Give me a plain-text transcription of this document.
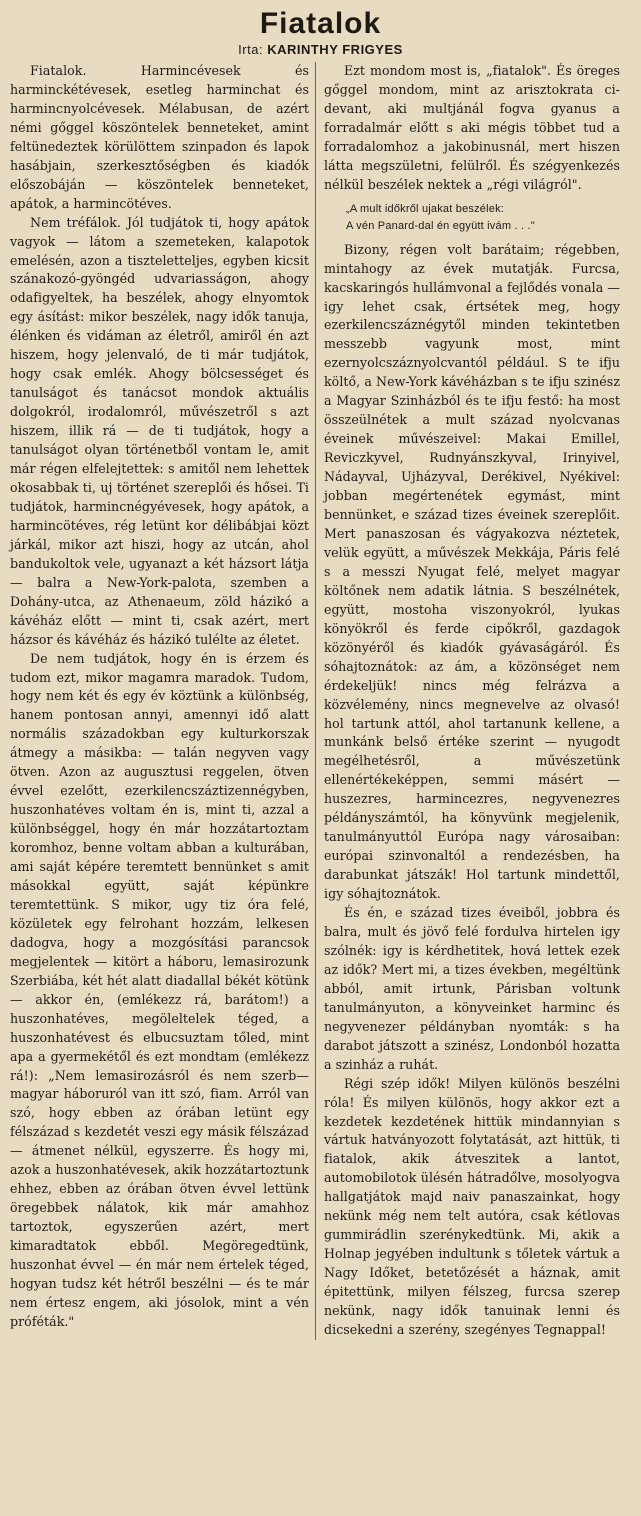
Fiatalok
Irta: KARINTHY FRIGYES

Fiatalok. Harmincévesek és harminckétévesek, esetleg harminchat és harmincnyolcévesek. Mélabusan, de azért némi gőggel köszöntelek benneteket, amint feltünedeztek körülöttem szinpadon és lapok hasábjain, szerkesztőségben és kiadók előszobáján — köszöntelek benneteket, apátok, a harmincötéves.

Nem tréfálok. Jól tudjátok ti, hogy apátok vagyok — látom a szemeteken, kalapotok emelésén, azon a tiszteletteljes, egyben kicsit szánakozó-gyöngéd udvariasságon, ahogy odafigyeltek, ha beszélek, ahogy elnyomtok egy ásítást: mikor beszélek, nagy idők tanuja, élénken és vidáman az életről, amiről én azt hiszem, hogy jelenvaló, de ti már tudjátok, hogy csak emlék. Ahogy bölcsességet és tanulságot és tanácsot mondok aktuális dolgokról, irodalomról, művészetről s azt hiszem, illik rá — de ti tudjátok, hogy a tanulságot olyan történetből vontam le, amit már régen elfelejtettek: s amitől nem lehettek okosabbak ti, uj történet szereplői és hősei. Ti tudjátok, harmincnégyévesek, hogy apátok, a harmincötéves, rég letünt kor délibábjai közt járkál, mikor azt hiszi, hogy az utcán, ahol bandukoltok vele, ugyanazt a két házsort látja — balra a New-York-palota, szemben a Dohány-utca, az Athenaeum, zöld házikó a kávéház előtt — mint ti, csak azért, mert házsor és kávéház és házikó tulélte az életet.

De nem tudjátok, hogy én is érzem és tudom ezt, mikor magamra maradok. Tudom, hogy nem két és egy év köztünk a különbség, hanem pontosan annyi, amennyi idő alatt normális századokban egy kulturkorszak átmegy a másikba: — talán negyven vagy ötven. Azon az augusztusi reggelen, ötven évvel ezelőtt, ezerkilencszáztizennégyben, huszonhatéves voltam én is, mint ti, azzal a különbséggel, hogy én már hozzátartoztam koromhoz, benne voltam abban a kulturában, ami saját képére teremtett bennünket s amit másokkal együtt, saját képünkre teremtettünk. S mikor, ugy tiz óra felé, közületek egy felrohant hozzám, lelkesen dadogva, hogy a mozgósítási parancsok megjelentek — kitört a háboru, lemasirozunk Szerbiába, két hét alatt diadallal békét kötünk — akkor én, (emlékezz rá, barátom!) a huszonhatéves, megöleltelek téged, a huszonhatévest és elbucsuztam tőled, mint apa a gyermekétől és ezt mondtam (emlékezz rá!): „Nem lemasirozásról és nem szerb—magyar háboruról van itt szó, fiam. Arról van szó, hogy ebben az órában letünt egy félszázad s kezdetét veszi egy másik félszázad — átmenet nélkül, egyszerre. És hogy mi, azok a huszonhatévesek, akik hozzátartoztunk ehhez, ebben az órában ötven évvel lettünk öregebbek nálatok, kik már amahhoz tartoztok, egyszerűen azért, mert kimaradtatok ebből. Megöregedtünk, huszonhat évvel — én már nem értelek téged, hogyan tudsz két hétről beszélni — és te már nem értesz engem, aki jósolok, mint a vén próféták."

Ezt mondom most is, „fiatalok". És öreges gőggel mondom, mint az arisztokrata ci-devant, aki multjánál fogva gyanus a forradalmár előtt s aki mégis többet tud a forradalomhoz a jakobinusnál, mert hiszen látta megszületni, felülről. És szégyenkezés nélkül beszélek nektek a „régi világról".

„A mult időkről ujakat beszélek:
A vén Panard-dal én együtt ivám . . ."

Bizony, régen volt barátaim; régebben, mintahogy az évek mutatják. Furcsa, kacskaringós hullámvonal a fejlődés vonala — igy lehet csak, értsétek meg, hogy ezerkilencszáznégytől minden tekintetben messzebb vagyunk most, mint ezernyolcszáznyolcvantól például. S te ifju költő, a New-York kávéházban s te ifju szinész a Magyar Szinházból és te ifju festő: ha most összeülnétek a mult század nyolcvanas éveinek művészeivel: Makai Emillel, Reviczkyvel, Rudnyánszkyval, Irinyivel, Nádayval, Ujházyval, Derékivel, Nyékivel: jobban megértenétek egymást, mint bennünket, e század tizes éveinek szereplőit. Mert panaszosan és vágyakozva néztetek, velük együtt, a művészek Mekkája, Páris felé s a messzi Nyugat felé, melyet magyar költőnek nem adatik látnia. S beszélnétek, együtt, mostoha viszonyokról, lyukas könyökről és ferde cipőkről, gazdagok közönyéről és kiadók gyávaságáról. És sóhajtoznátok: az ám, a közönséget nem érdekeljük! nincs még felrázva a közvélemény, nincs megnevelve az olvasó! hol tartunk attól, ahol tartanunk kellene, a munkánk belső értéke szerint — nyugodt megélhetésről, a művészetünk ellenértékeképpen, semmi másért — huszezres, harmincezres, negyvenezres példányszámtól, ha könyvünk megjelenik, tanulmányuttól Európa nagy városaiban: európai szinvonaltól a rendezésben, ha darabunkat játszák! Hol tartunk mindettől, igy sóhajtoznátok.

És én, e század tizes éveiből, jobbra és balra, mult és jövő felé fordulva hirtelen igy szólnék: igy is kérdhetitek, hová lettek ezek az idők? Mert mi, a tizes években, megéltünk abból, amit irtunk, Párisban voltunk tanulmányuton, a könyveinket harminc és negyvenezer példányban nyomták: s ha darabot játszott a szinész, Londonból hozatta a szinház a ruhát.

Régi szép idők! Milyen különös beszélni róla! És milyen különös, hogy akkor ezt a kezdetek kezdetének hittük mindannyian s vártuk hatványozott folytatását, azt hittük, ti fiatalok, akik átveszitek a lantot, automobilotok ülésén hátradőlve, mosolyogva hallgatjátok majd naiv panaszainkat, hogy nekünk még nem telt autóra, csak kétlovas gummirádlin szerénykedtünk. Mi, akik a Holnap jegyében indultunk s tőletek vártuk a Nagy Időket, betetőzését a háznak, amit épitettünk, milyen félszeg, furcsa szerep nekünk, nagy idők tanuinak lenni és dicsekedni a szerény, szegényes Tegnappal!
